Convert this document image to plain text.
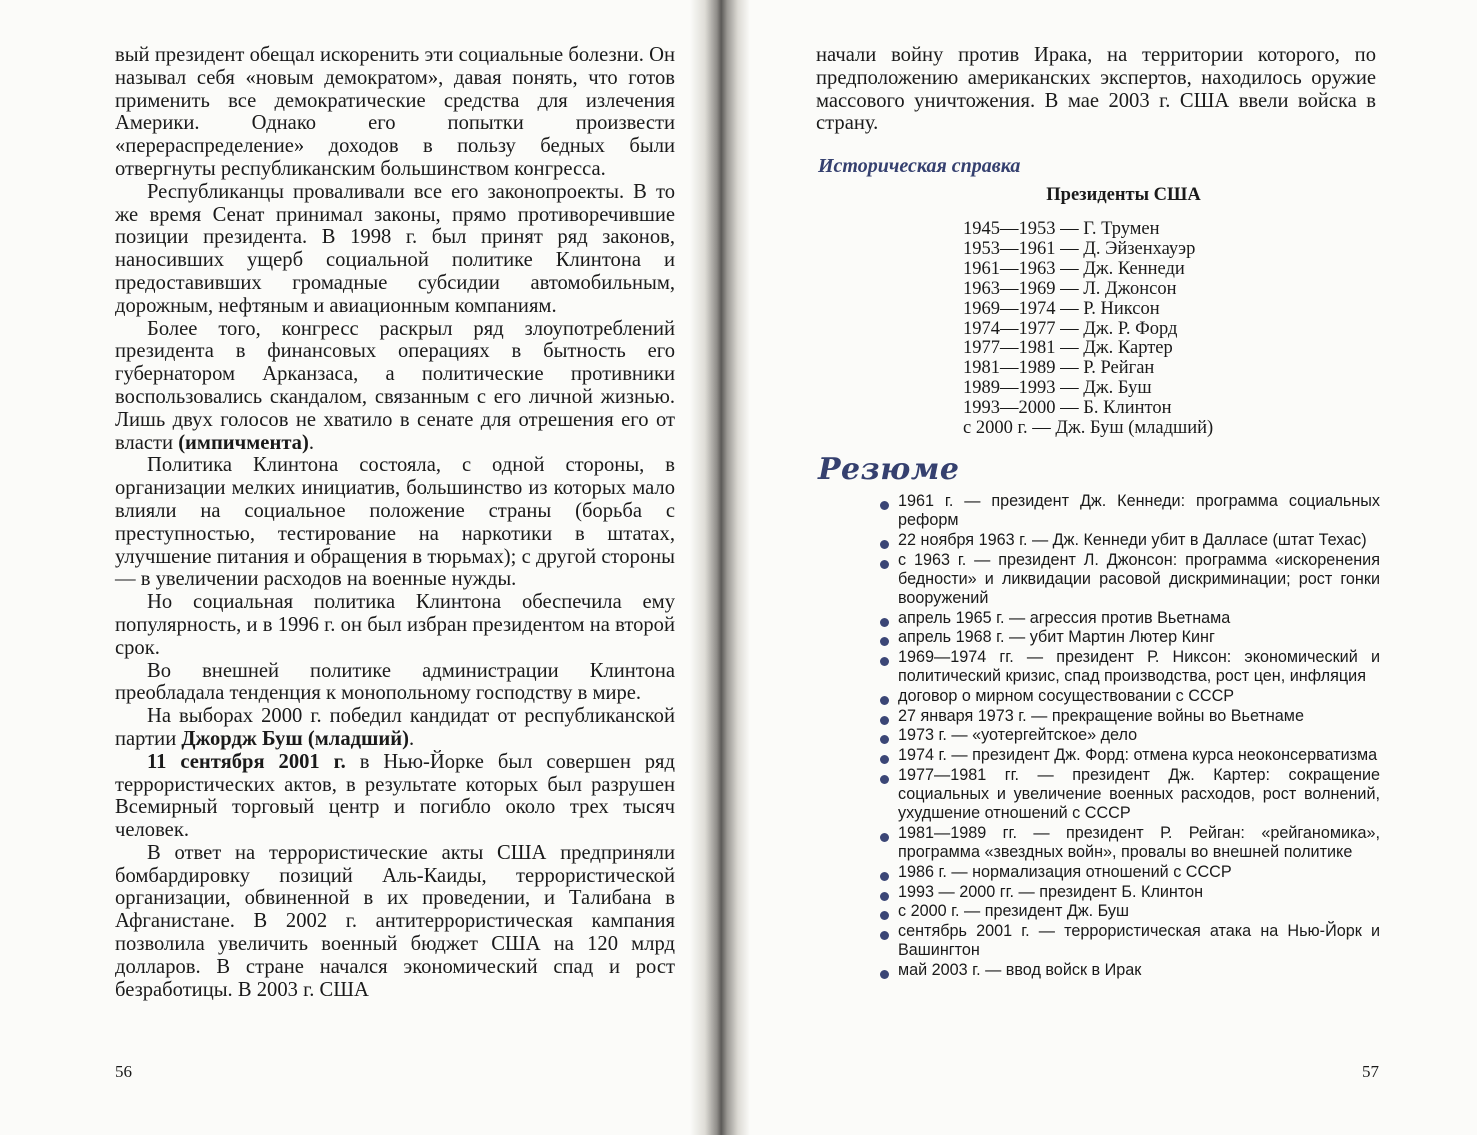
вый президент обещал искоренить эти социальные болезни. Он называл себя «новым демократом», давая понять, что готов применить все демократические средства для излечения Америки. Однако его попытки произвести «перераспределение» доходов в пользу бедных были отвергнуты республиканским большинством конгресса.

Республиканцы проваливали все его законопроекты. В то же время Сенат принимал законы, прямо противоречившие позиции президента. В 1998 г. был принят ряд законов, наносивших ущерб социальной политике Клинтона и предоставивших громадные субсидии автомобильным, дорожным, нефтяным и авиационным компаниям.

Более того, конгресс раскрыл ряд злоупотреблений президента в финансовых операциях в бытность его губернатором Арканзаса, а политические противники воспользовались скандалом, связанным с его личной жизнью. Лишь двух голосов не хватило в сенате для отрешения его от власти (импичмента).

Политика Клинтона состояла, с одной стороны, в организации мелких инициатив, большинство из которых мало влияли на социальное положение страны (борьба с преступностью, тестирование на наркотики в штатах, улучшение питания и обращения в тюрьмах); с другой стороны — в увеличении расходов на военные нужды.

Но социальная политика Клинтона обеспечила ему популярность, и в 1996 г. он был избран президентом на второй срок.

Во внешней политике администрации Клинтона преобладала тенденция к монопольному господству в мире.

На выборах 2000 г. победил кандидат от республиканской партии Джордж Буш (младший).

11 сентября 2001 г. в Нью-Йорке был совершен ряд террористических актов, в результате которых был разрушен Всемирный торговый центр и погибло около трех тысяч человек.

В ответ на террористические акты США предприняли бомбардировку позиций Аль-Каиды, террористической организации, обвиненной в их проведении, и Талибана в Афганистане. В 2002 г. антитеррористическая кампания позволила увеличить военный бюджет США на 120 млрд долларов. В стране начался экономический спад и рост безработицы. В 2003 г. США

56

начали войну против Ирака, на территории которого, по предположению американских экспертов, находилось оружие массового уничтожения. В мае 2003 г. США ввели войска в страну.

Историческая справка
Президенты США
1945—1953 — Г. Трумен
1953—1961 — Д. Эйзенхауэр
1961—1963 — Дж. Кеннеди
1963—1969 — Л. Джонсон
1969—1974 — Р. Никсон
1974—1977 — Дж. Р. Форд
1977—1981 — Дж. Картер
1981—1989 — Р. Рейган
1989—1993 — Дж. Буш
1993—2000 — Б. Клинтон
с 2000 г. — Дж. Буш (младший)
Резюме
1961 г. — президент Дж. Кеннеди: программа социальных реформ
22 ноября 1963 г. — Дж. Кеннеди убит в Далласе (штат Техас)
с 1963 г. — президент Л. Джонсон: программа «искоренения бедности» и ликвидации расовой дискриминации; рост гонки вооружений
апрель 1965 г. — агрессия против Вьетнама
апрель 1968 г. — убит Мартин Лютер Кинг
1969—1974 гг. — президент Р. Никсон: экономический и политический кризис, спад производства, рост цен, инфляция
договор о мирном сосуществовании с СССР
27 января 1973 г. — прекращение войны во Вьетнаме
1973 г. — «уотергейтское» дело
1974 г. — президент Дж. Форд: отмена курса неоконсерватизма
1977—1981 гг. — президент Дж. Картер: сокращение социальных и увеличение военных расходов, рост волнений, ухудшение отношений с СССР
1981—1989 гг. — президент Р. Рейган: «рейганомика», программа «звездных войн», провалы во внешней политике
1986 г. — нормализация отношений с СССР
1993 — 2000 гг. — президент Б. Клинтон
с 2000 г. — президент Дж. Буш
сентябрь 2001 г. — террористическая атака на Нью-Йорк и Вашингтон
май 2003 г. — ввод войск в Ирак
57
